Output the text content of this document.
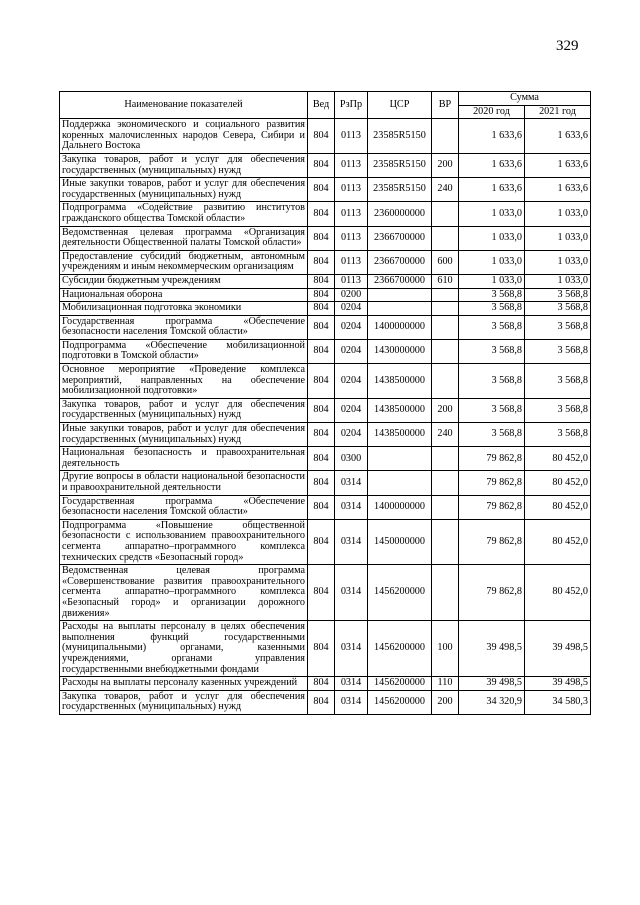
329
Наименование показателей	Вед	РзПр	ЦСР	ВР	Сумма	
					2020 год	2021 год
Поддержка экономического и социального развития коренных малочисленных народов Севера, Сибири и Дальнего Востока	804	0113	23585R5150		1 633,6	1 633,6
Закупка товаров, работ и услуг для обеспечения государственных (муниципальных) нужд	804	0113	23585R5150	200	1 633,6	1 633,6
Иные закупки товаров, работ и услуг для обеспечения государственных (муниципальных) нужд	804	0113	23585R5150	240	1 633,6	1 633,6
Подпрограмма «Содействие развитию институтов гражданского общества Томской области»	804	0113	2360000000		1 033,0	1 033,0
Ведомственная целевая программа «Организация деятельности Общественной палаты Томской области»	804	0113	2366700000		1 033,0	1 033,0
Предоставление субсидий бюджетным, автономным учреждениям и иным некоммерческим организациям	804	0113	2366700000	600	1 033,0	1 033,0
Субсидии бюджетным учреждениям	804	0113	2366700000	610	1 033,0	1 033,0
Национальная оборона	804	0200			3 568,8	3 568,8
Мобилизационная подготовка экономики	804	0204			3 568,8	3 568,8
Государственная программа «Обеспечение безопасности населения Томской области»	804	0204	1400000000		3 568,8	3 568,8
Подпрограмма «Обеспечение мобилизационной подготовки в Томской области»	804	0204	1430000000		3 568,8	3 568,8
Основное мероприятие «Проведение комплекса мероприятий, направленных на обеспечение мобилизационной подготовки»	804	0204	1438500000		3 568,8	3 568,8
Закупка товаров, работ и услуг для обеспечения государственных (муниципальных) нужд	804	0204	1438500000	200	3 568,8	3 568,8
Иные закупки товаров, работ и услуг для обеспечения государственных (муниципальных) нужд	804	0204	1438500000	240	3 568,8	3 568,8
Национальная безопасность и правоохранительная деятельность	804	0300			79 862,8	80 452,0
Другие вопросы в области национальной безопасности и правоохранительной деятельности	804	0314			79 862,8	80 452,0
Государственная программа «Обеспечение безопасности населения Томской области»	804	0314	1400000000		79 862,8	80 452,0
Подпрограмма «Повышение общественной безопасности с использованием правоохранительного сегмента аппаратно–программного комплекса технических средств «Безопасный город»	804	0314	1450000000		79 862,8	80 452,0
Ведомственная целевая программа «Совершенствование развития правоохранительного сегмента аппаратно–программного комплекса «Безопасный город» и организации дорожного движения»	804	0314	1456200000		79 862,8	80 452,0
Расходы на выплаты персоналу в целях обеспечения выполнения функций государственными (муниципальными) органами, казенными учреждениями, органами управления государственными внебюджетными фондами	804	0314	1456200000	100	39 498,5	39 498,5
Расходы на выплаты персоналу казенных учреждений	804	0314	1456200000	110	39 498,5	39 498,5
Закупка товаров, работ и услуг для обеспечения государственных (муниципальных) нужд	804	0314	1456200000	200	34 320,9	34 580,3
